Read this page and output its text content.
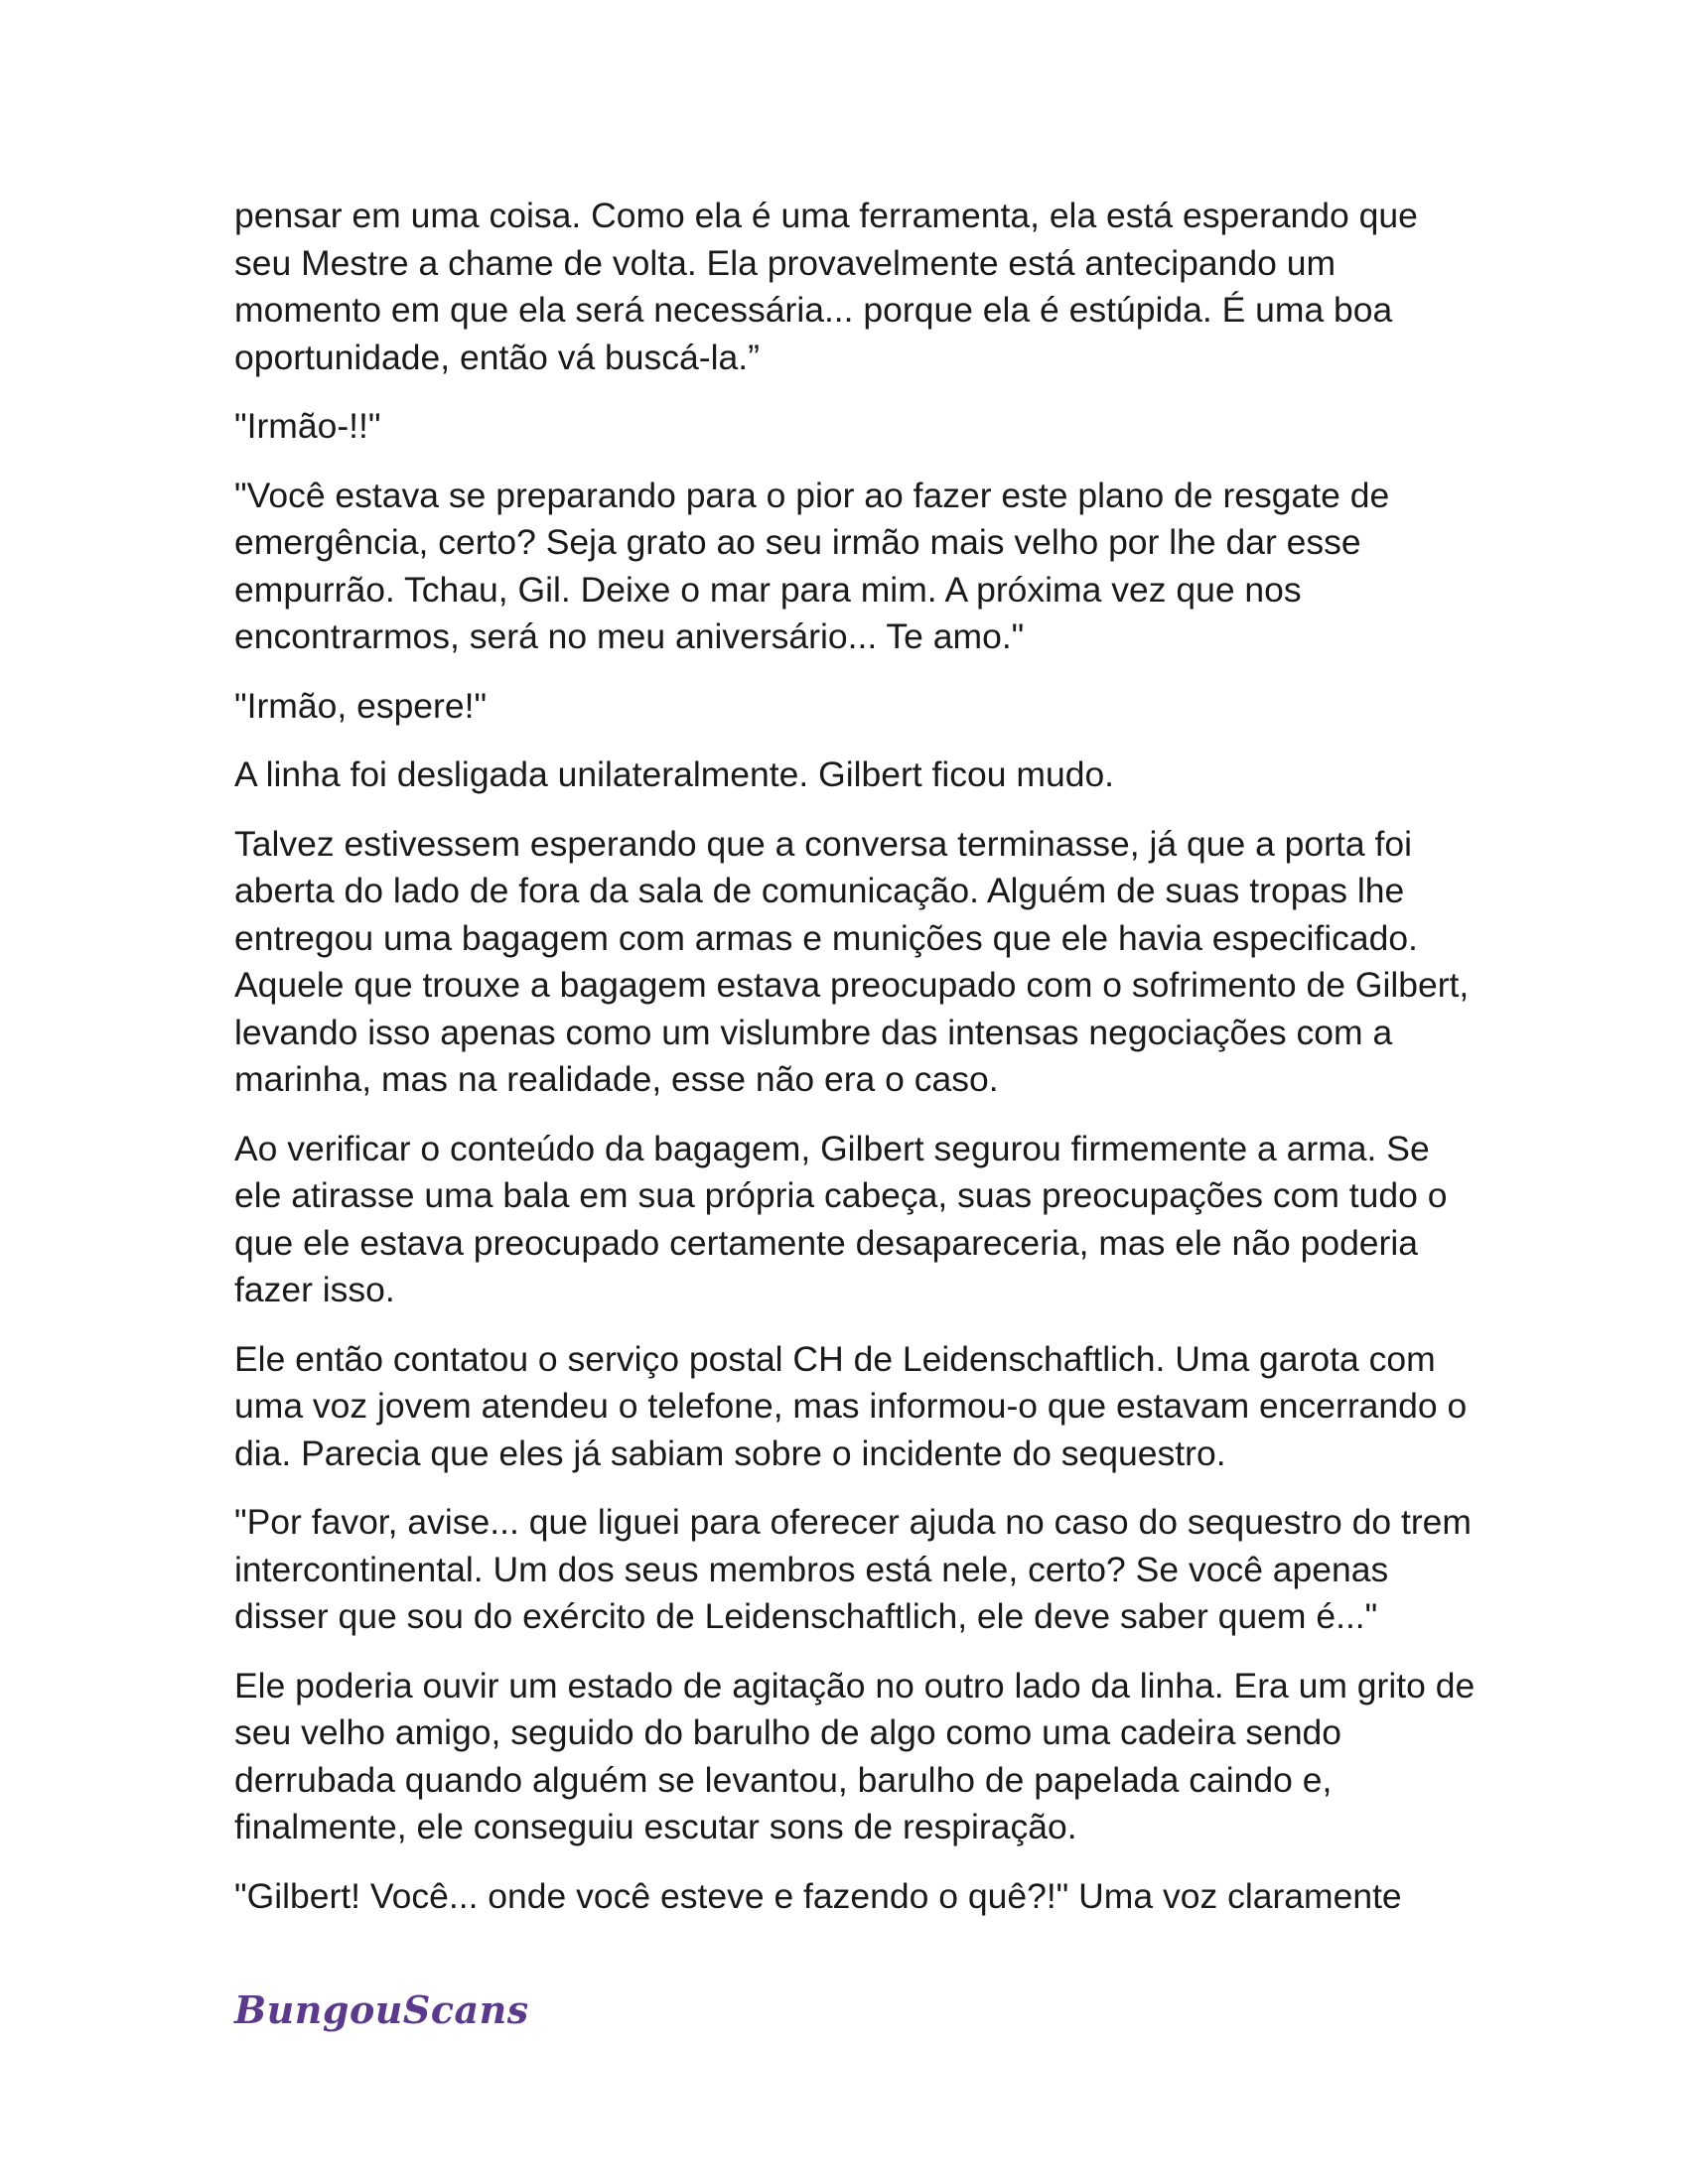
pensar em uma coisa. Como ela é uma ferramenta, ela está esperando que seu Mestre a chame de volta. Ela provavelmente está antecipando um momento em que ela será necessária... porque ela é estúpida. É uma boa oportunidade, então vá buscá-la.”

"Irmão-!!"

"Você estava se preparando para o pior ao fazer este plano de resgate de emergência, certo? Seja grato ao seu irmão mais velho por lhe dar esse empurrão. Tchau, Gil. Deixe o mar para mim. A próxima vez que nos encontrarmos, será no meu aniversário... Te amo."

"Irmão, espere!"

A linha foi desligada unilateralmente. Gilbert ficou mudo.

Talvez estivessem esperando que a conversa terminasse, já que a porta foi aberta do lado de fora da sala de comunicação. Alguém de suas tropas lhe entregou uma bagagem com armas e munições que ele havia especificado. Aquele que trouxe a bagagem estava preocupado com o sofrimento de Gilbert, levando isso apenas como um vislumbre das intensas negociações com a marinha, mas na realidade, esse não era o caso.

Ao verificar o conteúdo da bagagem, Gilbert segurou firmemente a arma. Se ele atirasse uma bala em sua própria cabeça, suas preocupações com tudo o que ele estava preocupado certamente desapareceria, mas ele não poderia fazer isso.

Ele então contatou o serviço postal CH de Leidenschaftlich. Uma garota com uma voz jovem atendeu o telefone, mas informou-o que estavam encerrando o dia. Parecia que eles já sabiam sobre o incidente do sequestro.

"Por favor, avise... que liguei para oferecer ajuda no caso do sequestro do trem intercontinental. Um dos seus membros está nele, certo? Se você apenas disser que sou do exército de Leidenschaftlich, ele deve saber quem é..."

Ele poderia ouvir um estado de agitação no outro lado da linha. Era um grito de seu velho amigo, seguido do barulho de algo como uma cadeira sendo derrubada quando alguém se levantou, barulho de papelada caindo e, finalmente, ele conseguiu escutar sons de respiração.

"Gilbert! Você... onde você esteve e fazendo o quê?!" Uma voz claramente

BungouScans
